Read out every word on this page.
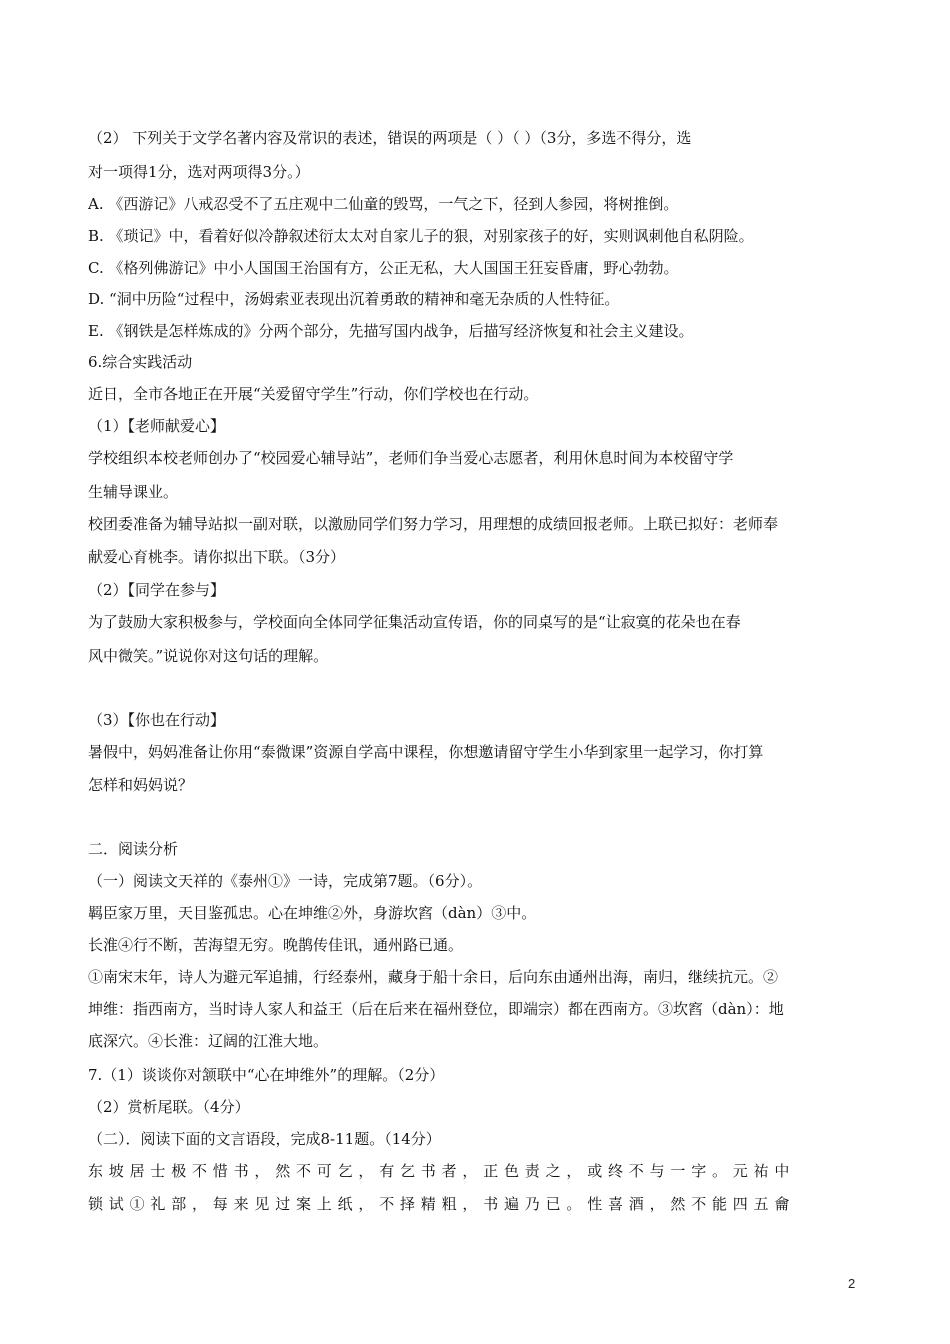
（2） 下列关于文学名著内容及常识的表述，错误的两项是（ ）（ ）（3分，多选不得分，选
对一项得1分，选对两项得3分。）
A. 《西游记》八戒忍受不了五庄观中二仙童的毁骂，一气之下，径到人参园，将树推倒。
B. 《琐记》中，看着好似冷静叙述衍太太对自家儿子的狠，对别家孩子的好，实则讽刺他自私阴险。
C. 《格列佛游记》中小人国国王治国有方，公正无私，大人国国王狂妄昏庸，野心勃勃。
D. “洞中历险“过程中，汤姆索亚表现出沉着勇敢的精神和毫无杂质的人性特征。
E. 《钢铁是怎样炼成的》分两个部分，先描写国内战争，后描写经济恢复和社会主义建设。
6.综合实践活动
近日，全市各地正在开展“关爱留守学生”行动，你们学校也在行动。
（1）【老师献爱心】
学校组织本校老师创办了“校园爱心辅导站”，老师们争当爱心志愿者，利用休息时间为本校留守学
生辅导课业。
校团委准备为辅导站拟一副对联，以激励同学们努力学习，用理想的成绩回报老师。上联已拟好：老师奉
献爱心育桃李。请你拟出下联。（3分）
（2）【同学在参与】
为了鼓励大家积极参与，学校面向全体同学征集活动宣传语，你的同桌写的是“让寂寞的花朵也在春
风中微笑。”说说你对这句话的理解。
（3）【你也在行动】
暑假中，妈妈准备让你用“泰微课”资源自学高中课程，你想邀请留守学生小华到家里一起学习，你打算
怎样和妈妈说？
二．阅读分析
（一）阅读文天祥的《泰州①》一诗，完成第7题。（6分）。
羁臣家万里，天目鉴孤忠。心在坤维②外，身游坎窞（dàn）③中。
长淮④行不断，苦海望无穷。晚鹊传佳讯，通州路已通。
①南宋末年，诗人为避元军追捕，行经泰州，藏身于船十余日，后向东由通州出海，南归，继续抗元。②
坤维：指西南方，当时诗人家人和益王（后在后来在福州登位，即端宗）都在西南方。③坎窞（dàn）：地
底深穴。④长淮：辽阔的江淮大地。
7.（1）谈谈你对颔联中“心在坤维外”的理解。（2分）
（2）赏析尾联。（4分）
（二）．阅读下面的文言语段，完成8-11题。（14分）
东坡居士极不惜书，然不可乞，有乞书者，正色责之，或终不与一字。元祐中
锁试①礼部，每来见过案上纸，不择精粗，书遍乃已。性喜酒，然不能四五龠
2
